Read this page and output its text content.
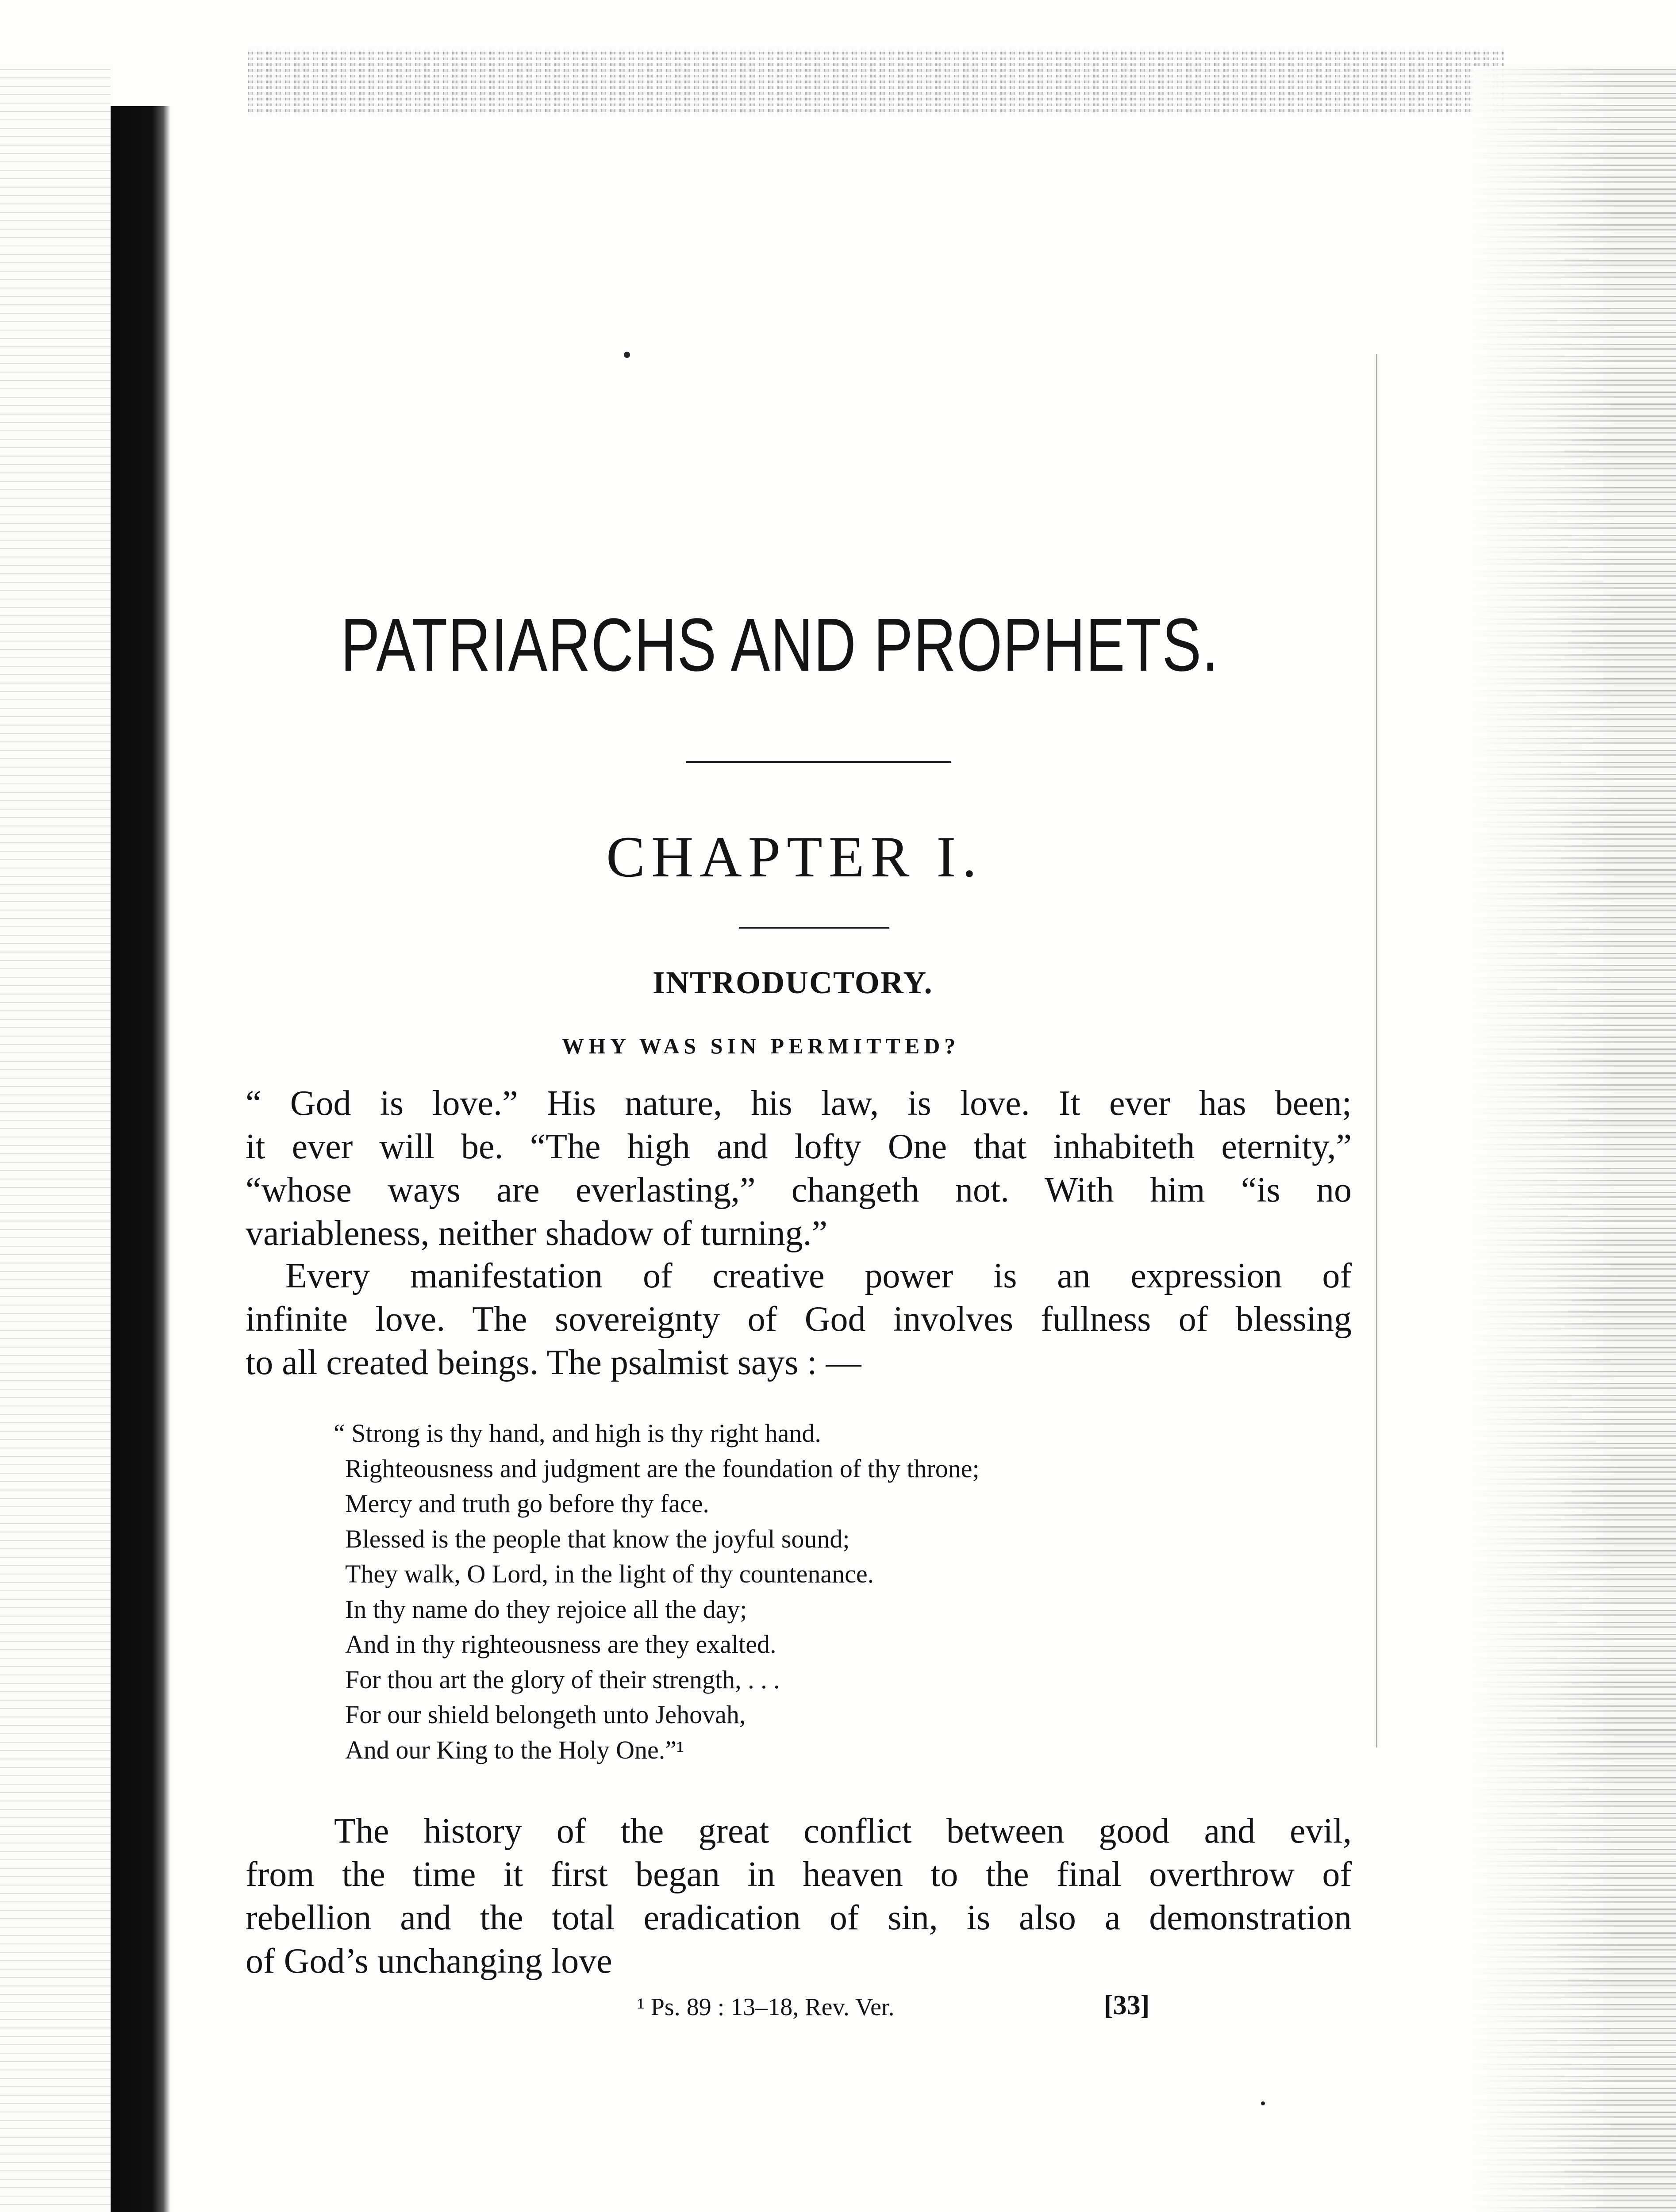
PATRIARCHS AND PROPHETS.
CHAPTER I.
INTRODUCTORY.
WHY WAS SIN PERMITTED?

“ God is love.” His nature, his law, is love. It ever has been;
it ever will be. “The high and lofty One that inhabiteth eternity,”
“whose ways are everlasting,” changeth not. With him “is no
variableness, neither shadow of turning.”

Every manifestation of creative power is an expression of
infinite love. The sovereignty of God involves fullness of blessing
to all created beings. The psalmist says : —

“ Strong is thy hand, and high is thy right hand.
Righteousness and judgment are the foundation of thy throne;
Mercy and truth go before thy face.
Blessed is the people that know the joyful sound;
They walk, O Lord, in the light of thy countenance.
In thy name do they rejoice all the day;
And in thy righteousness are they exalted.
For thou art the glory of their strength, . . .
For our shield belongeth unto Jehovah,
And our King to the Holy One.”¹

The history of the great conflict between good and evil,
from the time it first began in heaven to the final overthrow of
rebellion and the total eradication of sin, is also a demonstration
of God’s unchanging love

¹ Ps. 89 : 13–18, Rev. Ver.	[33]
